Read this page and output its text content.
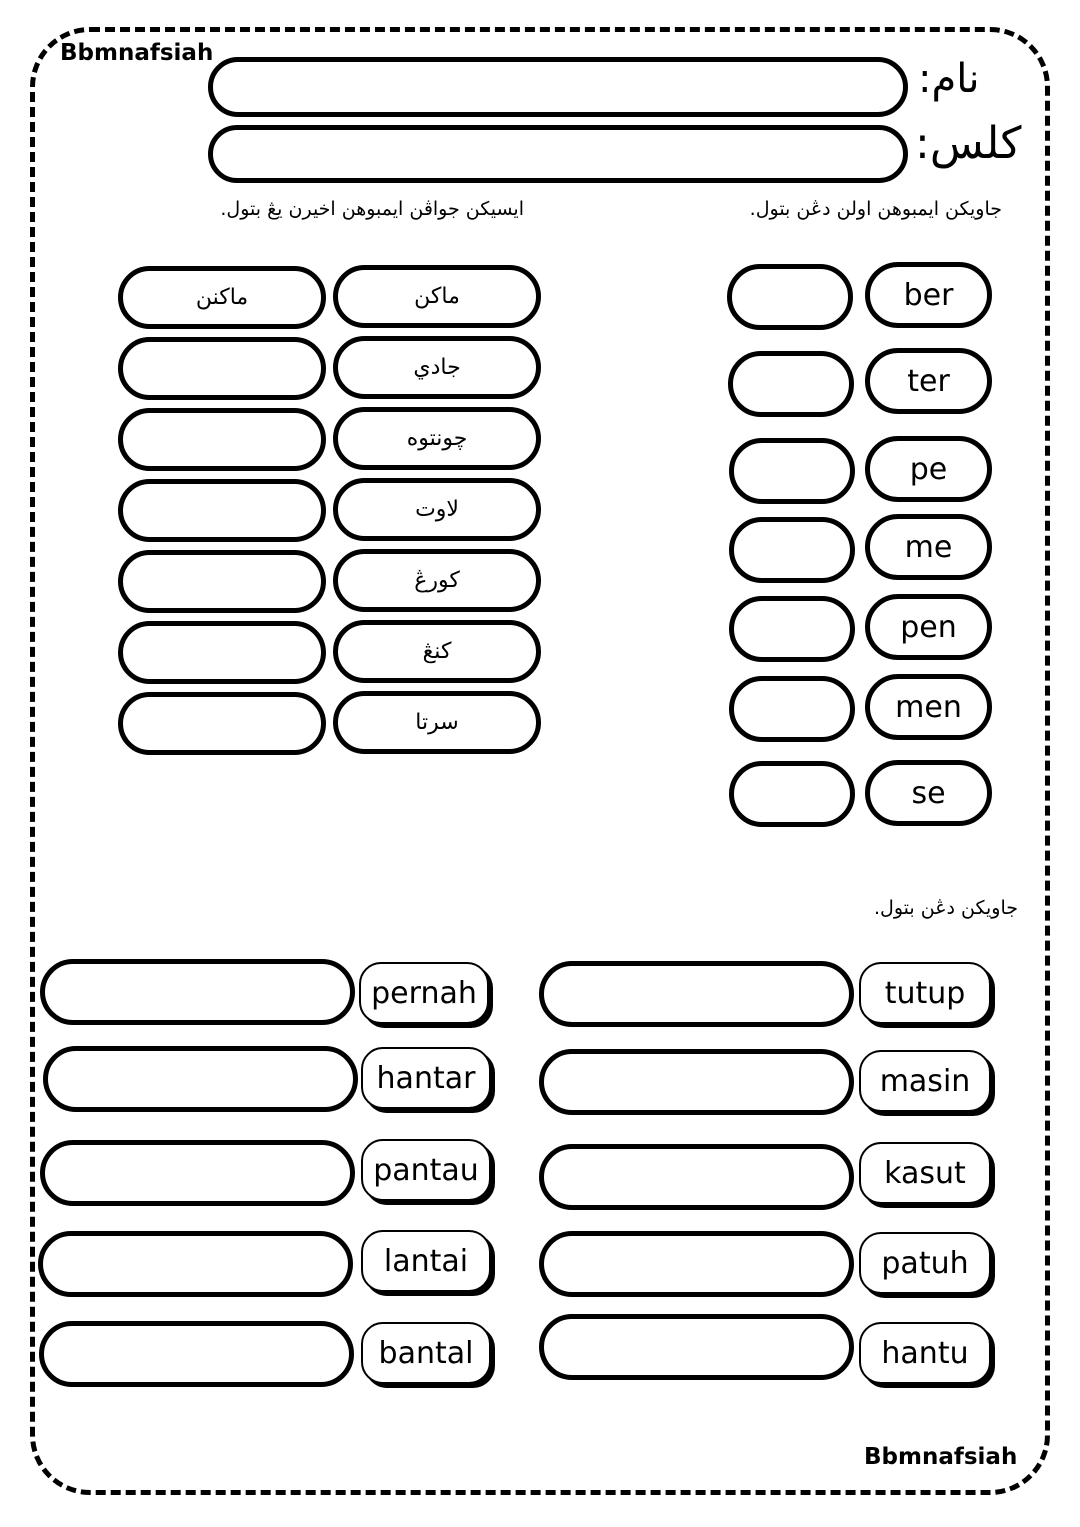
Bbmnafsiah
Bbmnafsiah
نام:
كلس:
ايسيكن جواڤن ايمبوهن اخيرن يڠ بتول.	جاويكن ايمبوهن اولن دڠن بتول.
ber
ter
pe
me
pen
men
se
ماكنن	ماكن
جادي
چونتوه
لاوت
كورڠ
كنڠ
سرتا
جاويكن دڠن بتول.
pernah
hantar
pantau
lantai
bantal
tutup
masin
kasut
patuh
hantu
